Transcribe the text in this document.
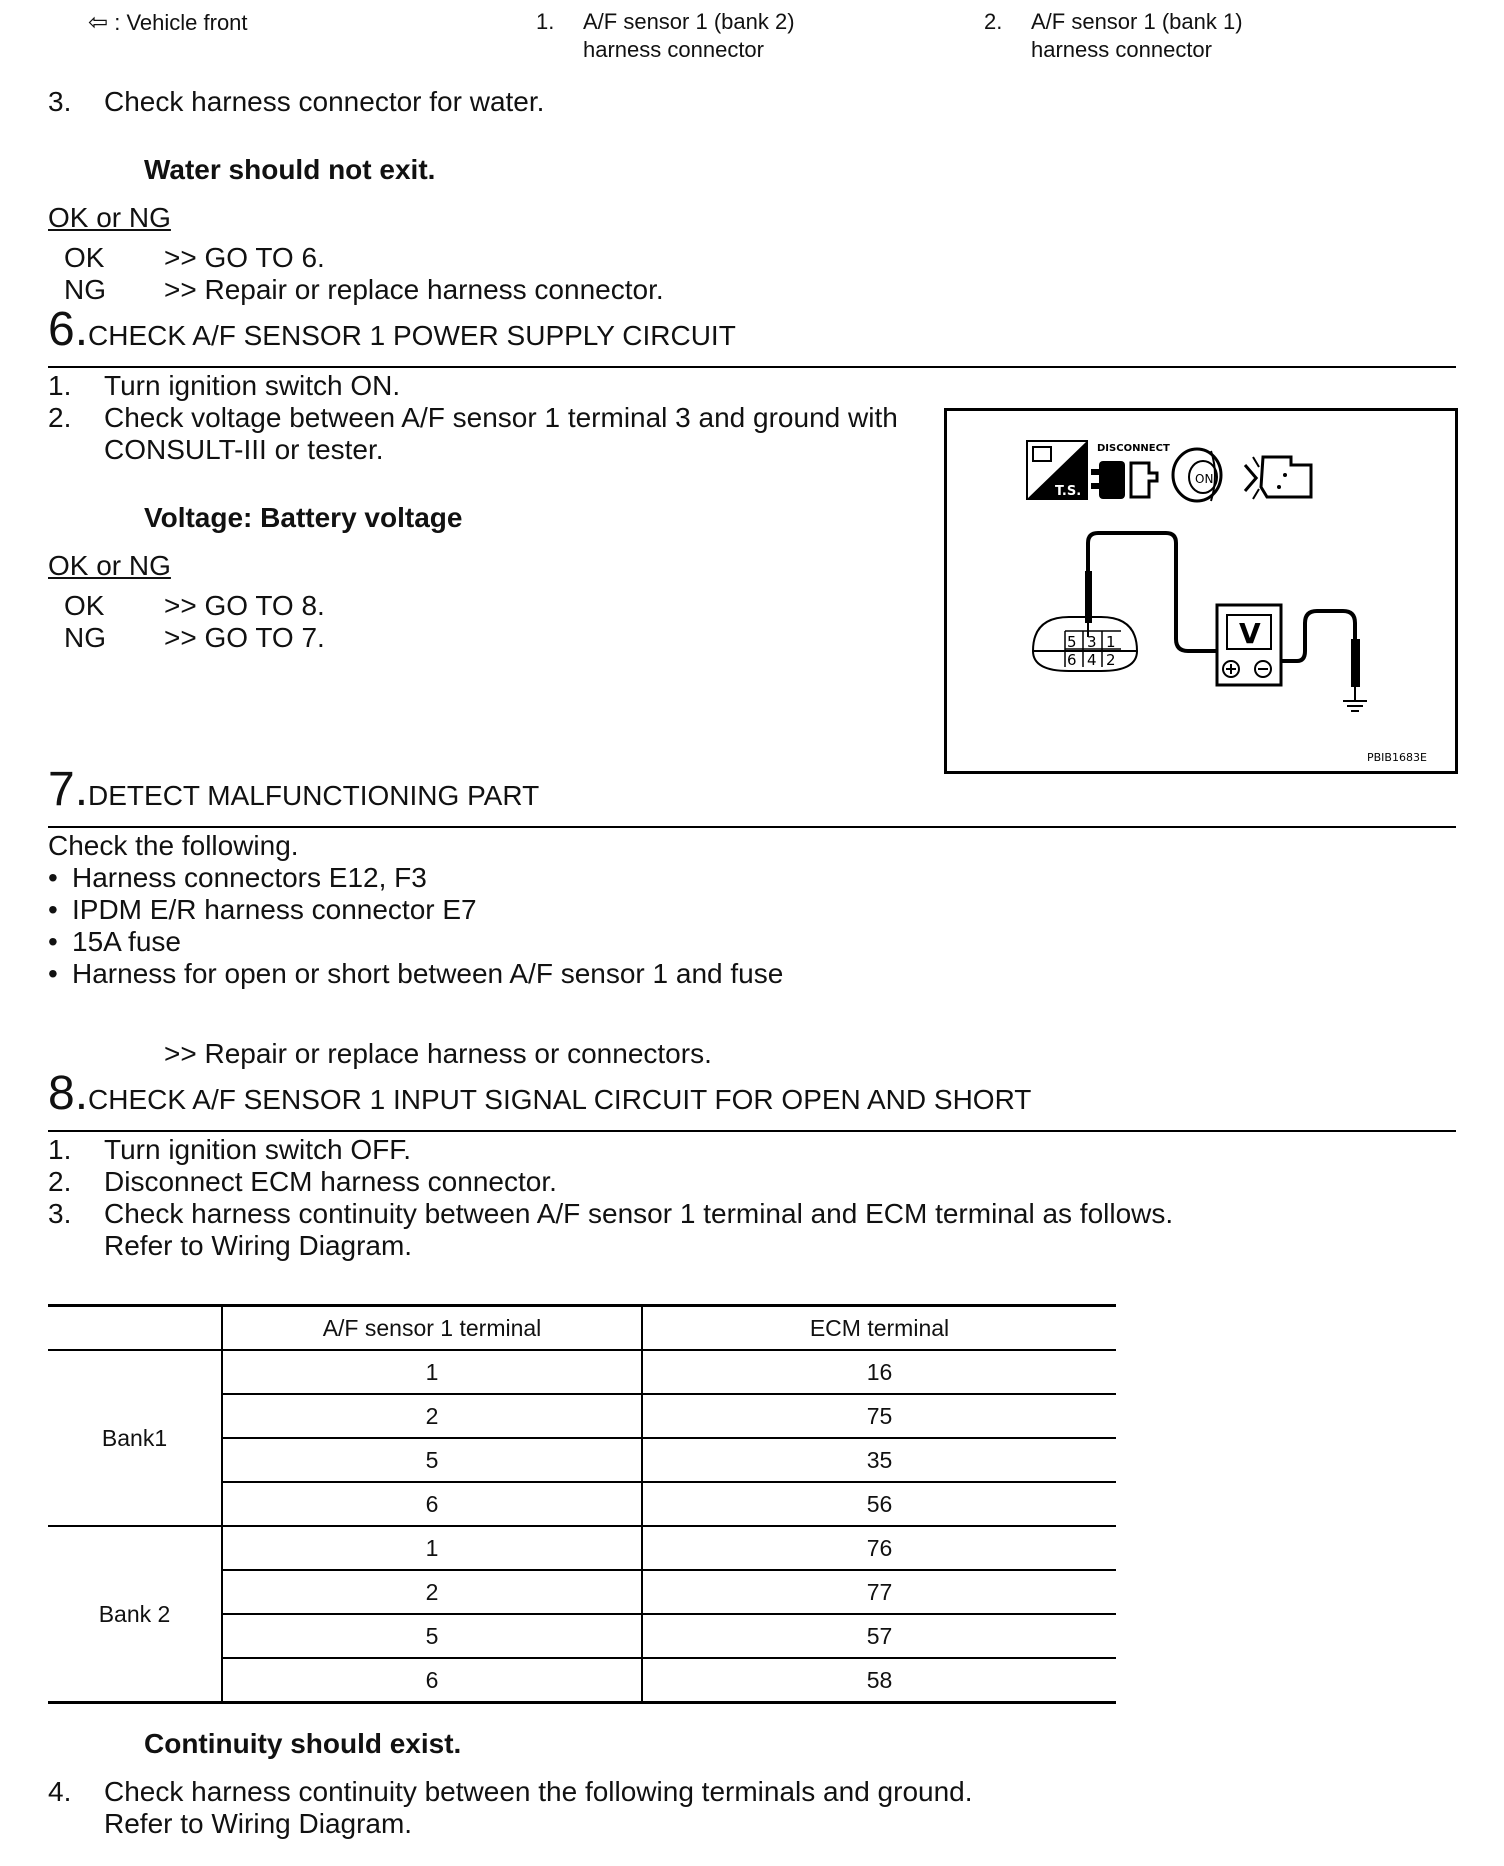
⇦ : Vehicle front	1. A/F sensor 1 (bank 2)
harness connector
2. A/F sensor 1 (bank 1)
harness connector
3. Check harness connector for water.
Water should not exit.
OK or NG
OK >> GO TO 6.
NG >> Repair or replace harness connector.
6.CHECK A/F SENSOR 1 POWER SUPPLY CIRCUIT
1. Turn ignition switch ON.
2. Check voltage between A/F sensor 1 terminal 3 and ground with
CONSULT-III or tester.
Voltage: Battery voltage
OK or NG
OK >> GO TO 8.
NG >> GO TO 7.
T.S.
DISCONNECT
ON
5 3 1
6 4 2
V
PBIB1683E
7.DETECT MALFUNCTIONING PART
Check the following.
• Harness connectors E12, F3
• IPDM E/R harness connector E7
• 15A fuse
• Harness for open or short between A/F sensor 1 and fuse
>> Repair or replace harness or connectors.
8.CHECK A/F SENSOR 1 INPUT SIGNAL CIRCUIT FOR OPEN AND SHORT
1. Turn ignition switch OFF.
2. Disconnect ECM harness connector.
3. Check harness continuity between A/F sensor 1 terminal and ECM terminal as follows.
Refer to Wiring Diagram.
	A/F sensor 1 terminal	ECM terminal
Bank1	1	16
	2	75
	5	35
	6	56
Bank 2	1	76
	2	77
	5	57
	6	58
Continuity should exist.
4. Check harness continuity between the following terminals and ground.
Refer to Wiring Diagram.
